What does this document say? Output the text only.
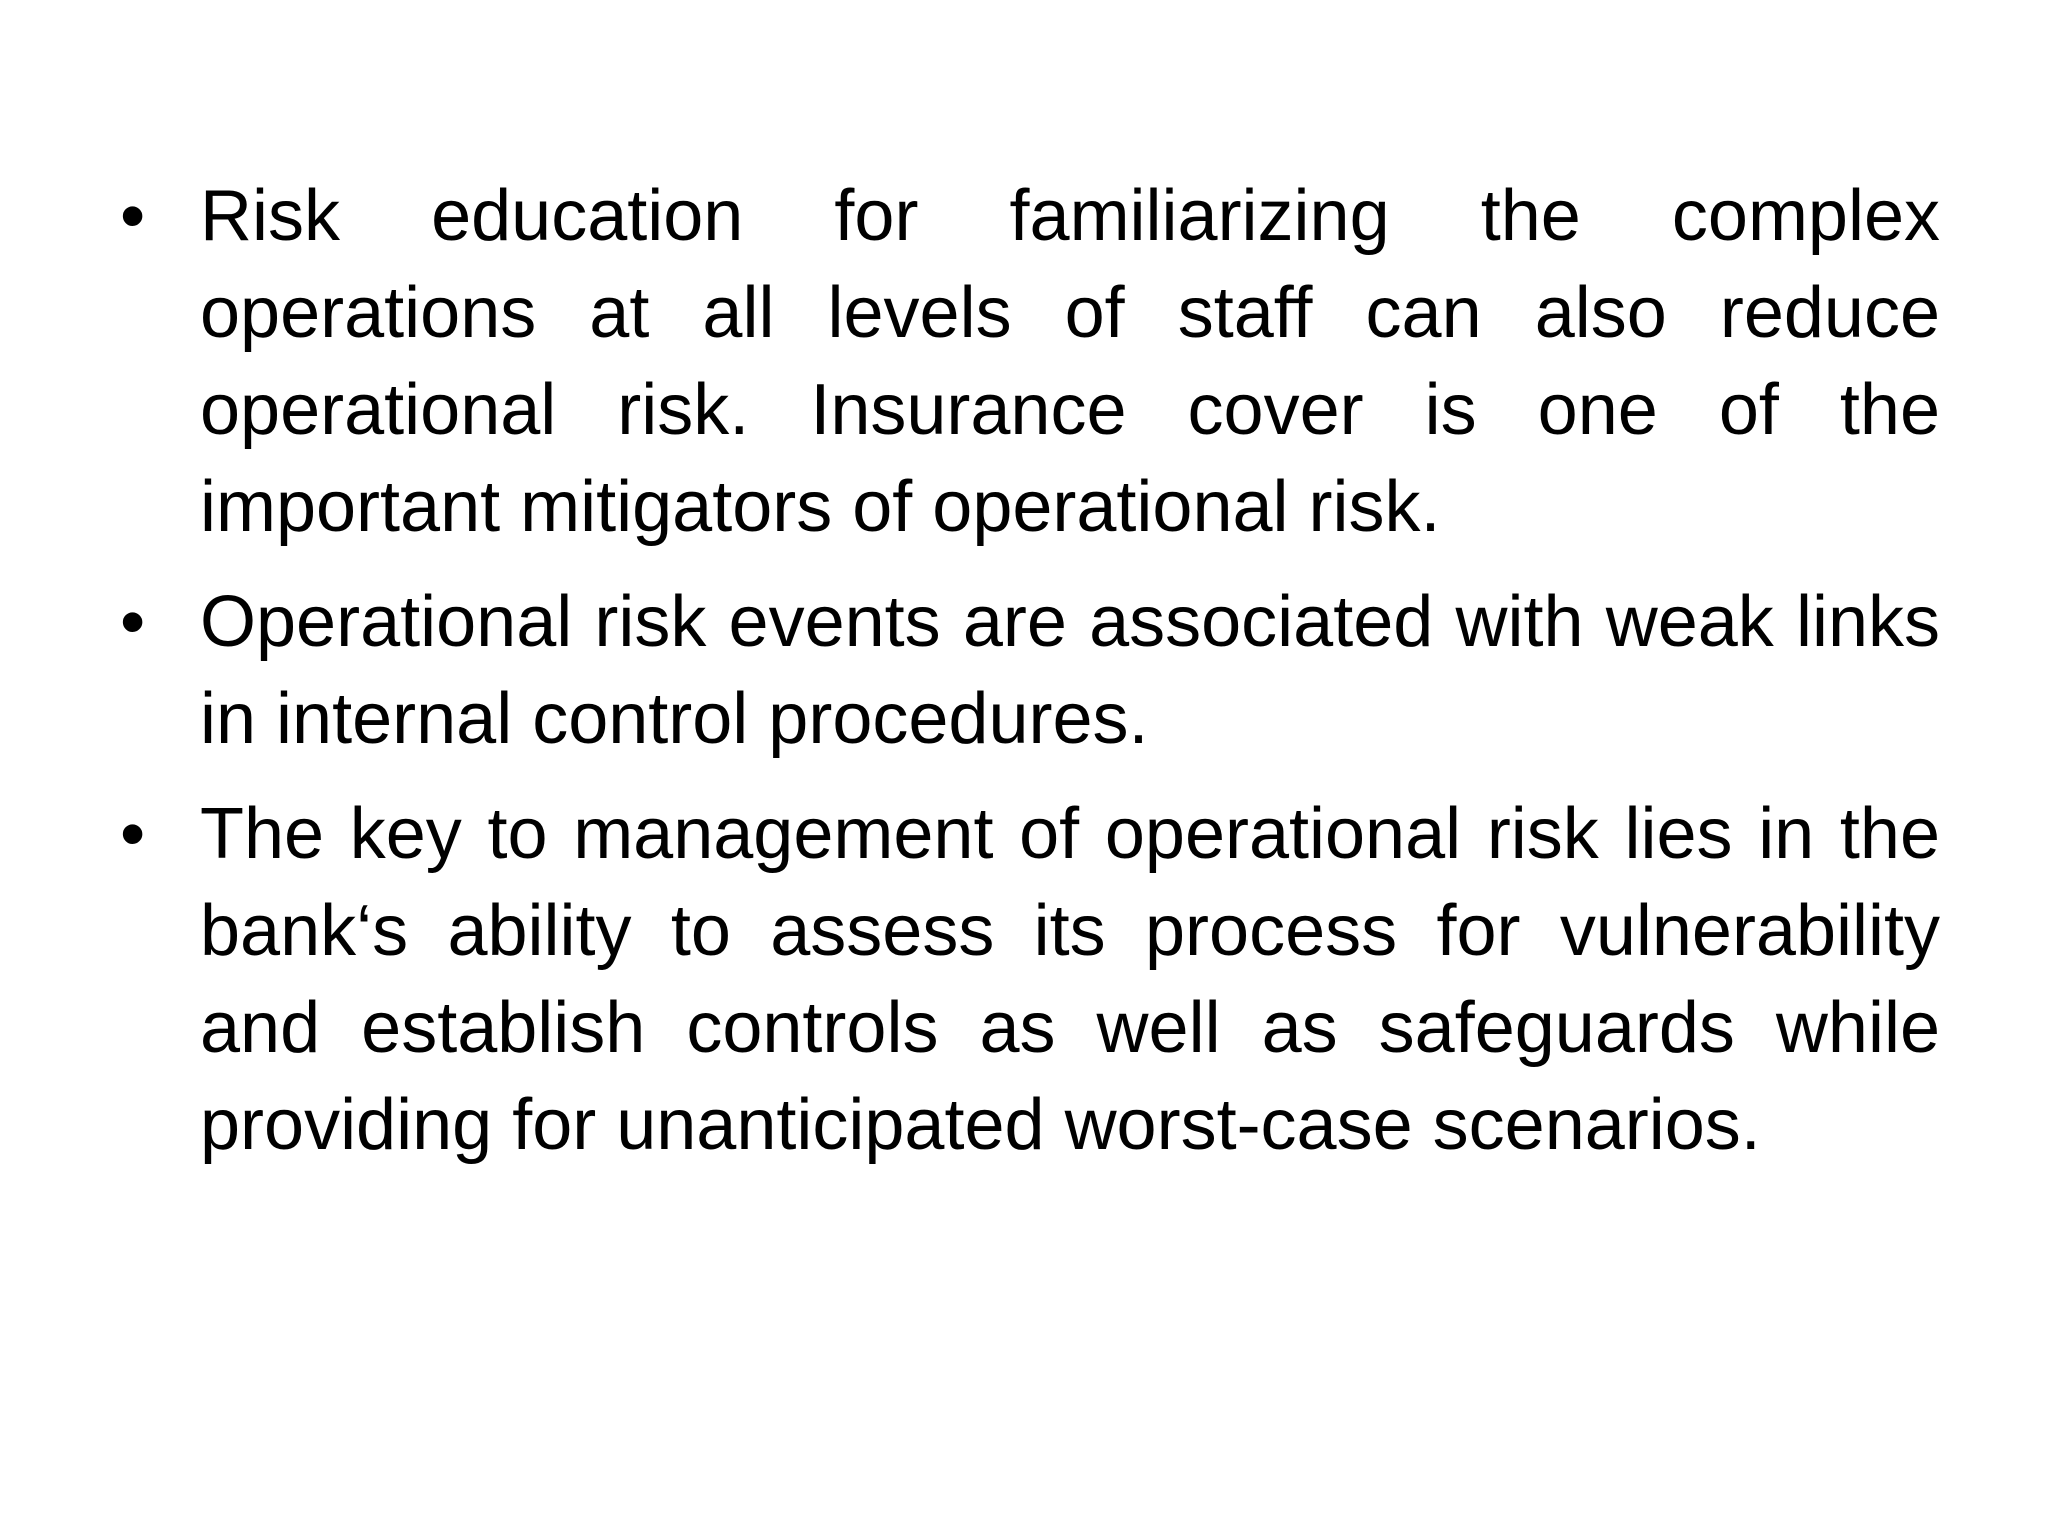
• Risk education for familiarizing the complex operations at all levels of staff can also reduce operational risk. Insurance cover is one of the important mitigators of operational risk.
• Operational risk events are associated with weak links in internal control procedures.
• The key to management of operational risk lies in the bank‘s ability to assess its process for vulnerability and establish controls as well as safeguards while providing for unanticipated worst-case scenarios.
